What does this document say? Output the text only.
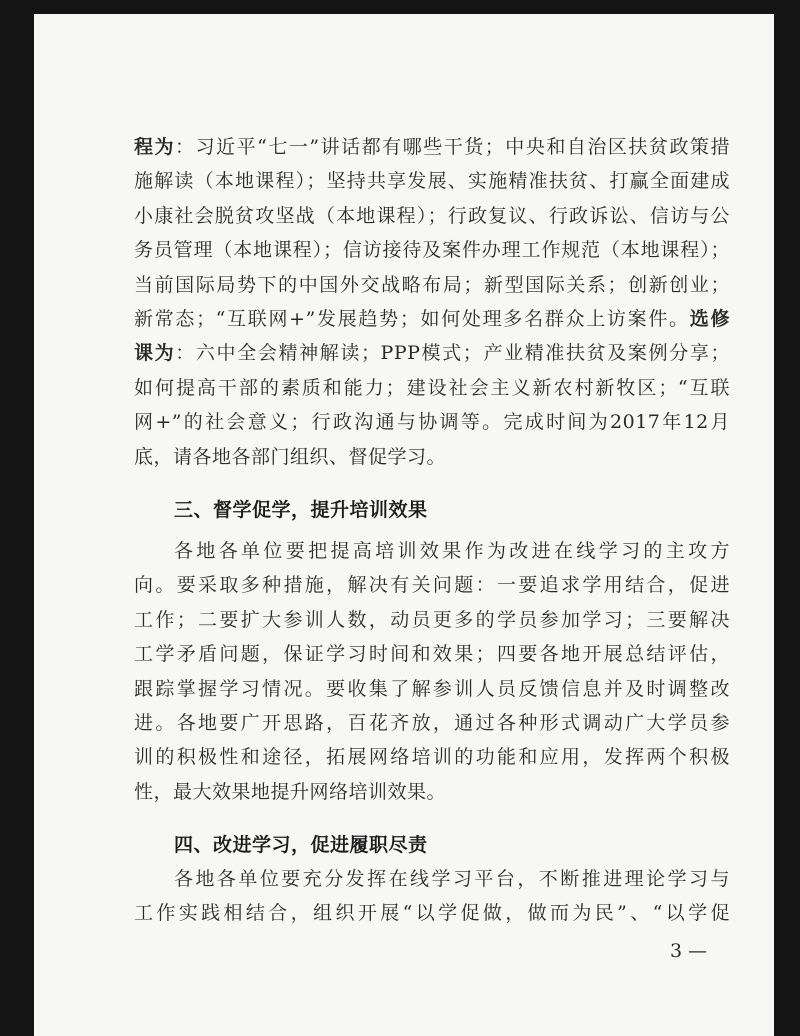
程为：习近平“七一”讲话都有哪些干货；中央和自治区扶贫政策措
施解读（本地课程）；坚持共享发展、实施精准扶贫、打赢全面建成
小康社会脱贫攻坚战（本地课程）；行政复议、行政诉讼、信访与公
务员管理（本地课程）；信访接待及案件办理工作规范（本地课程）；
当前国际局势下的中国外交战略布局；新型国际关系；创新创业；
新常态；“互联网+”发展趋势；如何处理多名群众上访案件。选修
课为：六中全会精神解读；PPP模式；产业精准扶贫及案例分享；
如何提高干部的素质和能力；建设社会主义新农村新牧区；“互联
网+”的社会意义；行政沟通与协调等。完成时间为2017年12月
底，请各地各部门组织、督促学习。
三、督学促学，提升培训效果
各地各单位要把提高培训效果作为改进在线学习的主攻方
向。要采取多种措施，解决有关问题：一要追求学用结合，促进
工作；二要扩大参训人数，动员更多的学员参加学习；三要解决
工学矛盾问题，保证学习时间和效果；四要各地开展总结评估，
跟踪掌握学习情况。要收集了解参训人员反馈信息并及时调整改
进。各地要广开思路，百花齐放，通过各种形式调动广大学员参
训的积极性和途径，拓展网络培训的功能和应用，发挥两个积极
性，最大效果地提升网络培训效果。
四、改进学习，促进履职尽责
各地各单位要充分发挥在线学习平台，不断推进理论学习与
工作实践相结合，组织开展“以学促做，做而为民”、“以学促
3 —
